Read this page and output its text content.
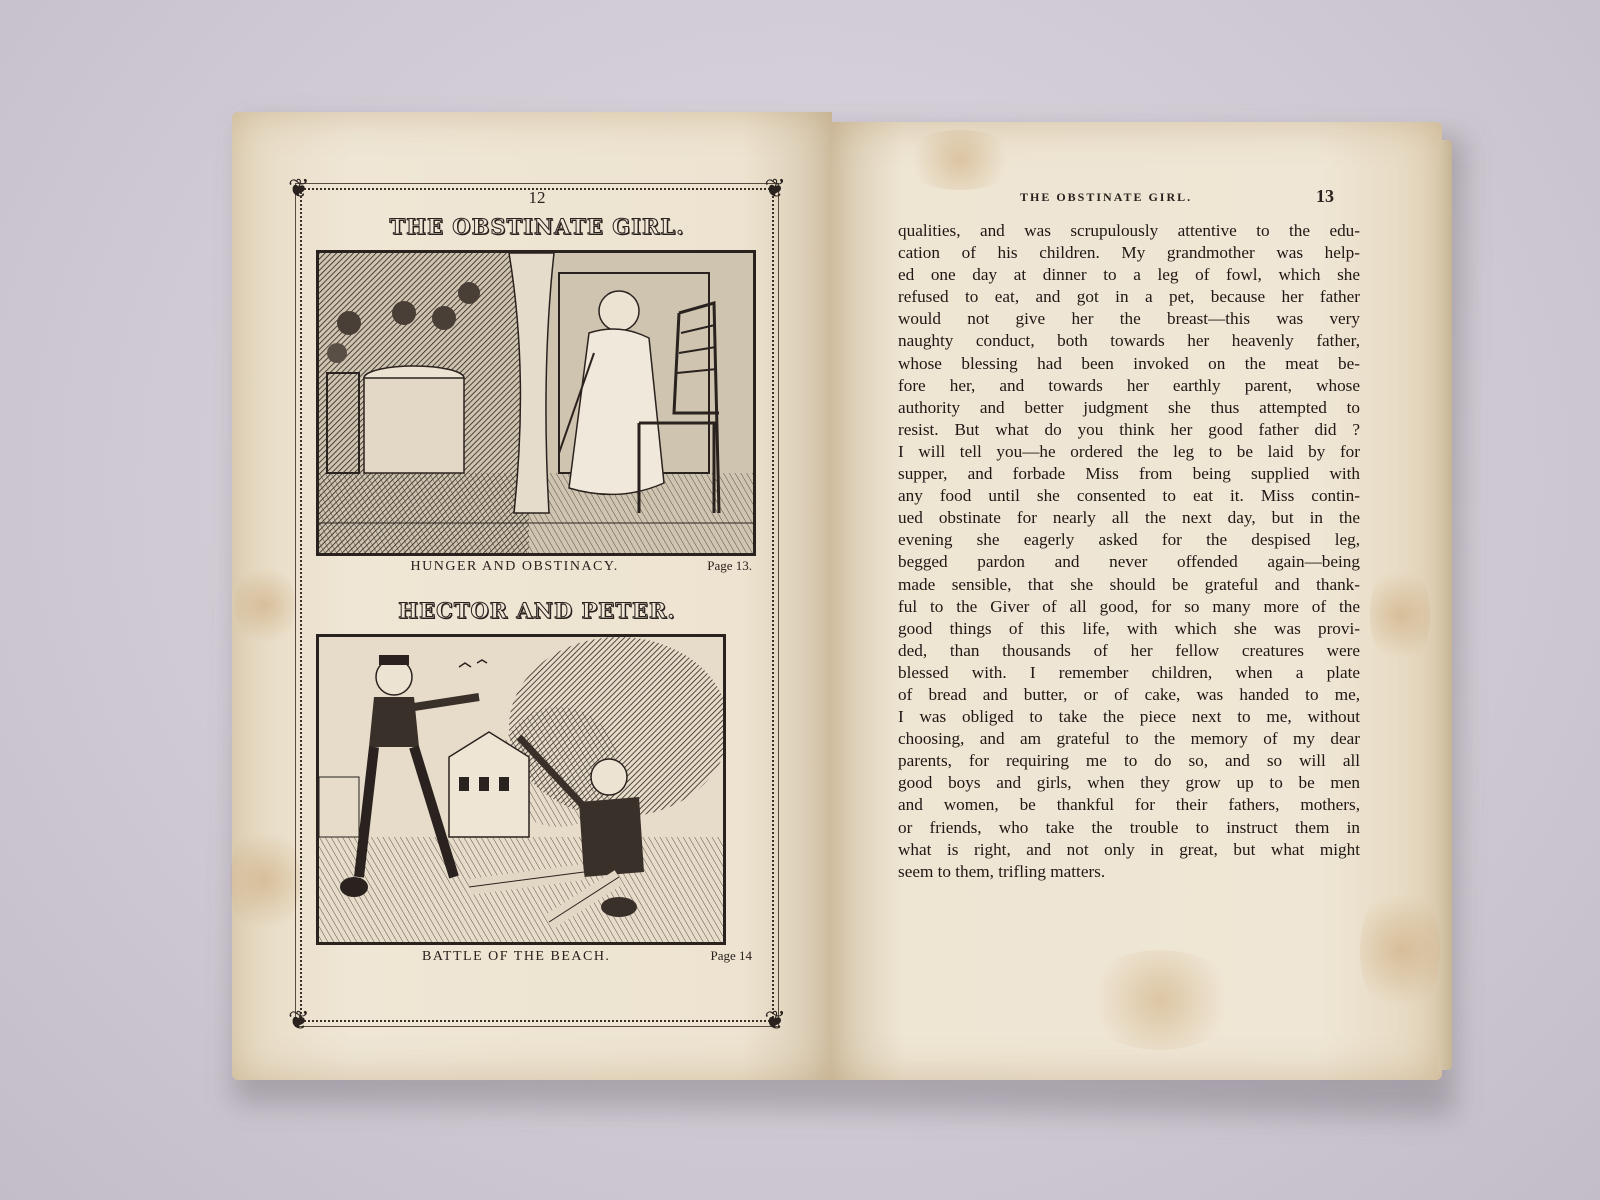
❦	❦
❦	❦
12
THE OBSTINATE GIRL.
HUNGER AND OBSTINACY.	Page 13.
HECTOR AND PETER.
BATTLE OF THE BEACH.	Page 14
THE OBSTINATE GIRL.	13
qualities, and was scrupulously attentive to the edu-
cation of his children. My grandmother was help-
ed one day at dinner to a leg of fowl, which she
refused to eat, and got in a pet, because her father
would not give her the breast—this was very
naughty conduct, both towards her heavenly father,
whose blessing had been invoked on the meat be-
fore her, and towards her earthly parent, whose
authority and better judgment she thus attempted to
resist. But what do you think her good father did ?
I will tell you—he ordered the leg to be laid by for
supper, and forbade Miss from being supplied with
any food until she consented to eat it. Miss contin-
ued obstinate for nearly all the next day, but in the
evening she eagerly asked for the despised leg,
begged pardon and never offended again—being
made sensible, that she should be grateful and thank-
ful to the Giver of all good, for so many more of the
good things of this life, with which she was provi-
ded, than thousands of her fellow creatures were
blessed with. I remember children, when a plate
of bread and butter, or of cake, was handed to me,
I was obliged to take the piece next to me, without
choosing, and am grateful to the memory of my dear
parents, for requiring me to do so, and so will all
good boys and girls, when they grow up to be men
and women, be thankful for their fathers, mothers,
or friends, who take the trouble to instruct them in
what is right, and not only in great, but what might
seem to them, trifling matters.
